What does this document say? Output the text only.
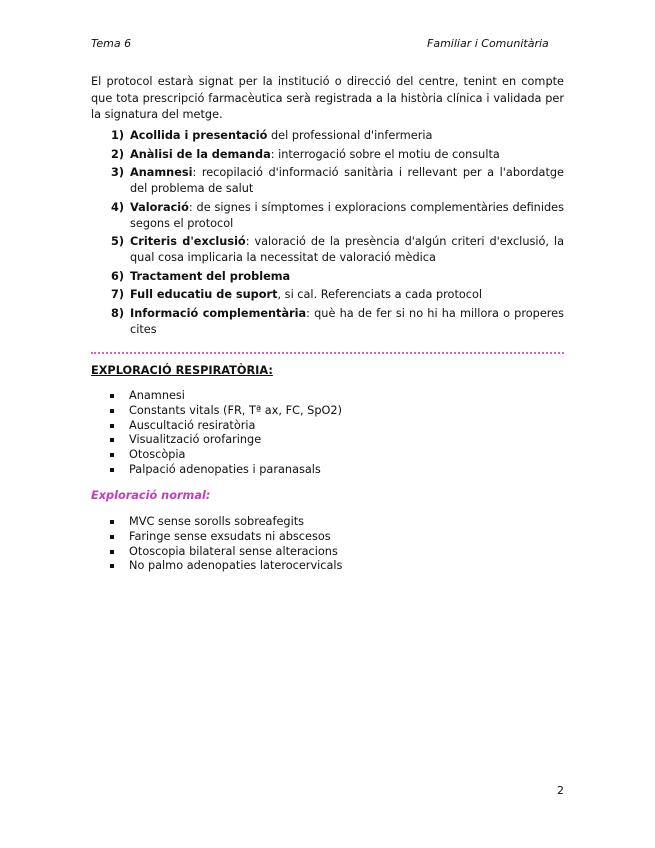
Tema 6	Familiar i Comunitària

El protocol estarà signat per la institució o direcció del centre, tenint en compte que tota prescripció farmacèutica serà registrada a la història clínica i validada per la signatura del metge.

1) Acollida i presentació del professional d'infermeria
2) Anàlisi de la demanda: interrogació sobre el motiu de consulta
3) Anamnesi: recopilació d'informació sanitària i rellevant per a l'abordatge del problema de salut
4) Valoració: de signes i símptomes i exploracions complementàries definides segons el protocol
5) Criteris d'exclusió: valoració de la presència d'algún criteri d'exclusió, la qual cosa implicaria la necessitat de valoració mèdica
6) Tractament del problema
7) Full educatiu de suport, si cal. Referenciats a cada protocol
8) Informació complementària: què ha de fer si no hi ha millora o properes cites
EXPLORACIÓ RESPIRATÒRIA:
Anamnesi
Constants vitals (FR, Tª ax, FC, SpO2)
Auscultació resiratòria
Visualització orofaringe
Otoscòpia
Palpació adenopaties i paranasals
Exploració normal:
MVC sense sorolls sobreafegits
Faringe sense exsudats ni abscesos
Otoscopia bilateral sense alteracions
No palmo adenopaties laterocervicals
2
